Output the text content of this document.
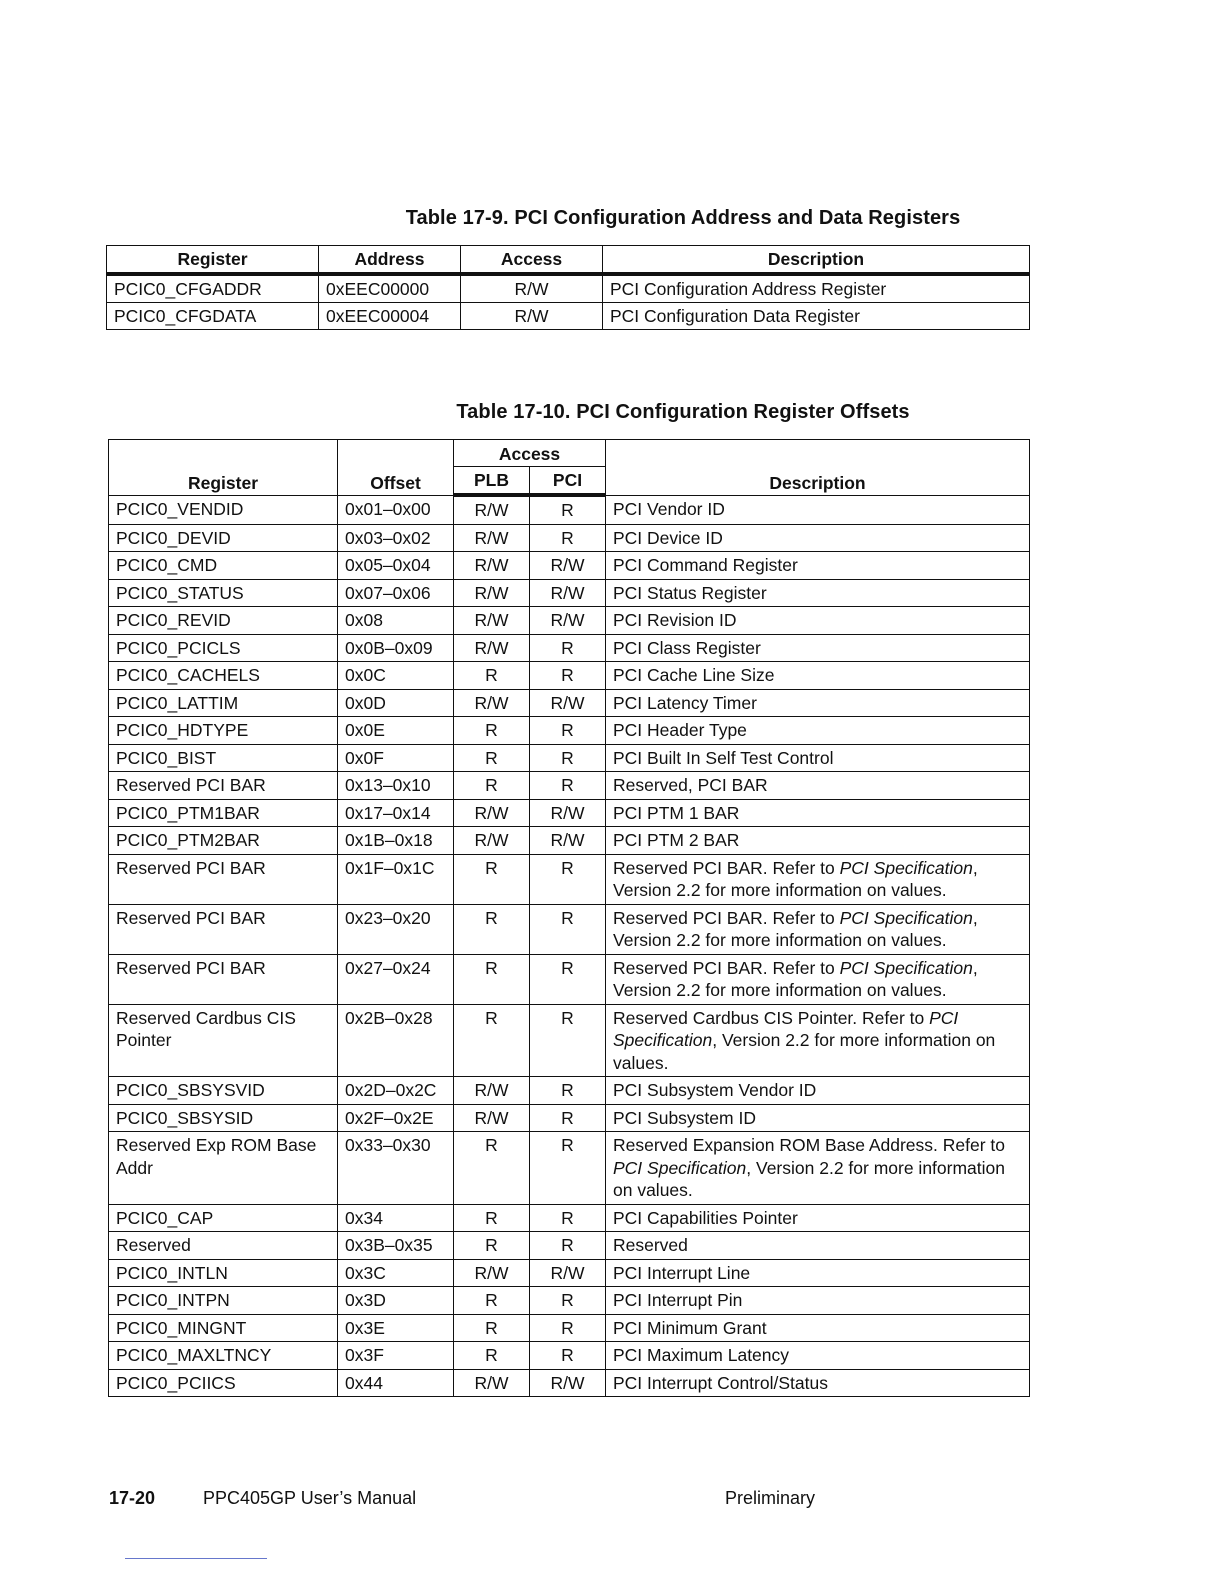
Table 17-9. PCI Configuration Address and Data Registers
Register	Address	Access	Description
PCIC0_CFGADDR	0xEEC00000	R/W	PCI Configuration Address Register
PCIC0_CFGDATA	0xEEC00004	R/W	PCI Configuration Data Register
Table 17-10. PCI Configuration Register Offsets
Register	Offset	Access		Description
		PLB	PCI	
PCIC0_VENDID	0x01–0x00	R/W	R	PCI Vendor ID
PCIC0_DEVID	0x03–0x02	R/W	R	PCI Device ID
PCIC0_CMD	0x05–0x04	R/W	R/W	PCI Command Register
PCIC0_STATUS	0x07–0x06	R/W	R/W	PCI Status Register
PCIC0_REVID	0x08	R/W	R/W	PCI Revision ID
PCIC0_PCICLS	0x0B–0x09	R/W	R	PCI Class Register
PCIC0_CACHELS	0x0C	R	R	PCI Cache Line Size
PCIC0_LATTIM	0x0D	R/W	R/W	PCI Latency Timer
PCIC0_HDTYPE	0x0E	R	R	PCI Header Type
PCIC0_BIST	0x0F	R	R	PCI Built In Self Test Control
Reserved PCI BAR	0x13–0x10	R	R	Reserved, PCI BAR
PCIC0_PTM1BAR	0x17–0x14	R/W	R/W	PCI PTM 1 BAR
PCIC0_PTM2BAR	0x1B–0x18	R/W	R/W	PCI PTM 2 BAR
Reserved PCI BAR	0x1F–0x1C	R	R	Reserved PCI BAR. Refer to PCI Specification, Version 2.2 for more information on values.
Reserved PCI BAR	0x23–0x20	R	R	Reserved PCI BAR. Refer to PCI Specification, Version 2.2 for more information on values.
Reserved PCI BAR	0x27–0x24	R	R	Reserved PCI BAR. Refer to PCI Specification, Version 2.2 for more information on values.
Reserved Cardbus CIS Pointer	0x2B–0x28	R	R	Reserved Cardbus CIS Pointer. Refer to PCI Specification, Version 2.2 for more information on values.
PCIC0_SBSYSVID	0x2D–0x2C	R/W	R	PCI Subsystem Vendor ID
PCIC0_SBSYSID	0x2F–0x2E	R/W	R	PCI Subsystem ID
Reserved Exp ROM Base Addr	0x33–0x30	R	R	Reserved Expansion ROM Base Address. Refer to PCI Specification, Version 2.2 for more information on values.
PCIC0_CAP	0x34	R	R	PCI Capabilities Pointer
Reserved	0x3B–0x35	R	R	Reserved
PCIC0_INTLN	0x3C	R/W	R/W	PCI Interrupt Line
PCIC0_INTPN	0x3D	R	R	PCI Interrupt Pin
PCIC0_MINGNT	0x3E	R	R	PCI Minimum Grant
PCIC0_MAXLTNCY	0x3F	R	R	PCI Maximum Latency
PCIC0_PCIICS	0x44	R/W	R/W	PCI Interrupt Control/Status
17-20	PPC405GP User’s Manual	Preliminary
